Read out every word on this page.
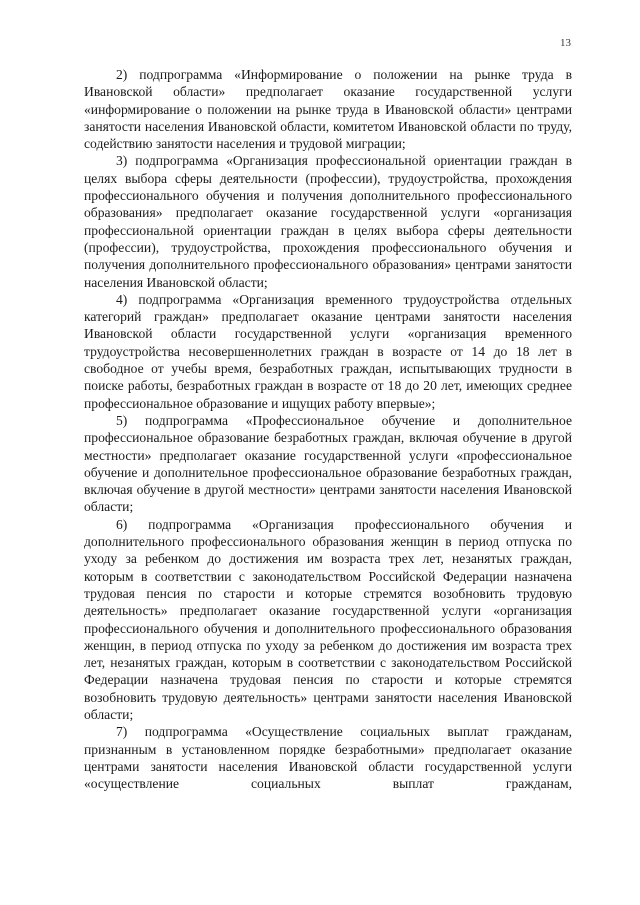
13

2) подпрограмма «Информирование о положении на рынке труда в Ивановской области» предполагает оказание государственной услуги «информирование о положении на рынке труда в Ивановской области» центрами занятости населения Ивановской области, комитетом Ивановской области по труду, содействию занятости населения и трудовой миграции;

3) подпрограмма «Организация профессиональной ориентации граждан в целях выбора сферы деятельности (профессии), трудоустройства, прохождения профессионального обучения и получения дополнительного профессионального образования» предполагает оказание государственной услуги «организация профессиональной ориентации граждан в целях выбора сферы деятельности (профессии), трудоустройства, прохождения профессионального обучения и получения дополнительного профессионального образования» центрами занятости населения Ивановской области;

4) подпрограмма «Организация временного трудоустройства отдельных категорий граждан» предполагает оказание центрами занятости населения Ивановской области государственной услуги «организация временного трудоустройства несовершеннолетних граждан в возрасте от 14 до 18 лет в свободное от учебы время, безработных граждан, испытывающих трудности в поиске работы, безработных граждан в возрасте от 18 до 20 лет, имеющих среднее профессиональное образование и ищущих работу впервые»;

5) подпрограмма «Профессиональное обучение и дополнительное профессиональное образование безработных граждан, включая обучение в другой местности» предполагает оказание государственной услуги «профессиональное обучение и дополнительное профессиональное образование безработных граждан, включая обучение в другой местности» центрами занятости населения Ивановской области;

6) подпрограмма «Организация профессионального обучения и дополнительного профессионального образования женщин в период отпуска по уходу за ребенком до достижения им возраста трех лет, незанятых граждан, которым в соответствии с законодательством Российской Федерации назначена трудовая пенсия по старости и которые стремятся возобновить трудовую деятельность» предполагает оказание государственной услуги «организация профессионального обучения и дополнительного профессионального образования женщин, в период отпуска по уходу за ребенком до достижения им возраста трех лет, незанятых граждан, которым в соответствии с законодательством Российской Федерации назначена трудовая пенсия по старости и которые стремятся возобновить трудовую деятельность» центрами занятости населения Ивановской области;

7) подпрограмма «Осуществление социальных выплат гражданам, признанным в установленном порядке безработными» предполагает оказание центрами занятости населения Ивановской области государственной услуги «осуществление социальных выплат гражданам,
